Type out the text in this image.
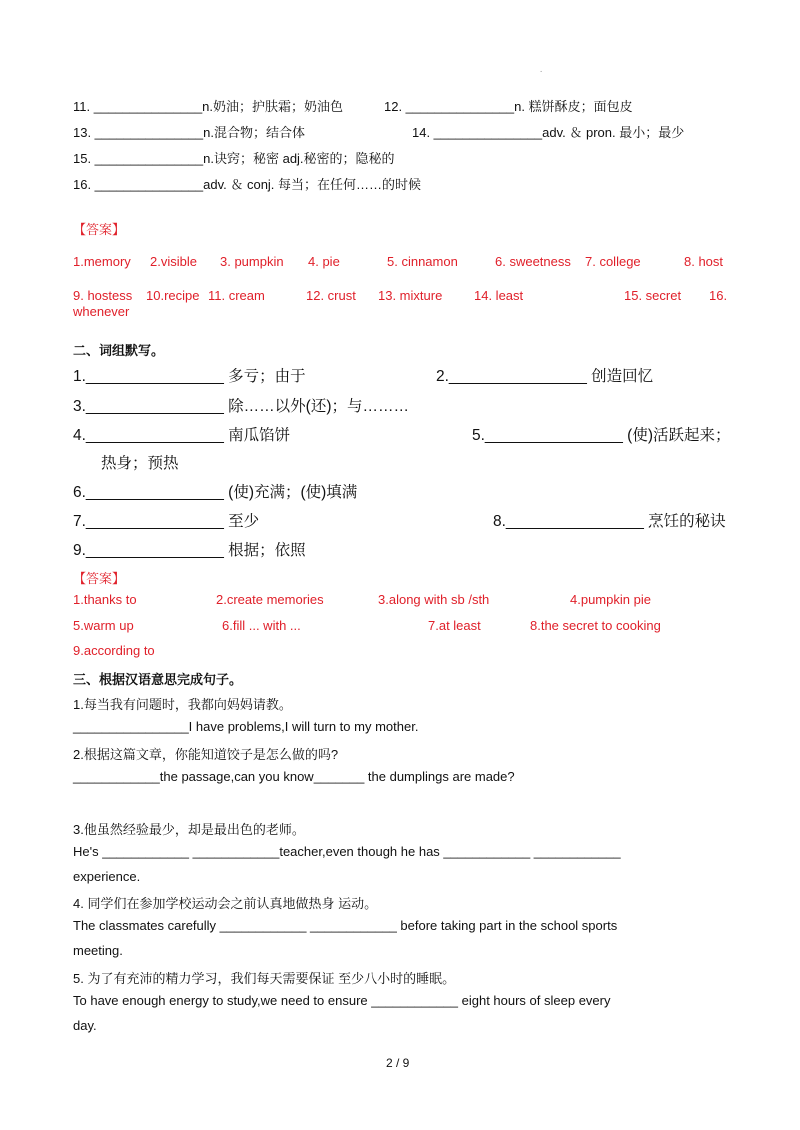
.
11. _______________n.奶油；护肤霜；奶油色	12. _______________n. 糕饼酥皮；面包皮
13. _______________n.混合物；结合体	14. _______________adv. ＆ pron. 最小；最少
15. _______________n.诀窍；秘密 adj.秘密的；隐秘的
16. _______________adv. ＆ conj. 每当；在任何……的时候
【答案】
1.memory 2.visible 3. pumpkin 4. pie	5. cinnamon	6. sweetness 7. college	8. host
9. hostess 10.recipe 11. cream	12. crust 13. mixture 14. least	15. secret 16.
whenever
二、词组默写。
1.________________ 多亏；由于	2.________________ 创造回忆
3.________________ 除……以外(还)；与………
4.________________ 南瓜馅饼	5.________________ (使)活跃起来；
热身；预热
6.________________ (使)充满；(使)填满
7.________________ 至少	8.________________ 烹饪的秘诀
9.________________ 根据；依照
【答案】
1.thanks to	2.create memories	3.along with sb /sth	4.pumpkin pie
5.warm up	6.fill ... with ...	7.at least	8.the secret to cooking
9.according to
三、根据汉语意思完成句子。
1.每当我有问题时，我都向妈妈请教。
________________I have problems,I will turn to my mother.
2.根据这篇文章，你能知道饺子是怎么做的吗?
____________the passage,can you know_______ the dumplings are made?
3.他虽然经验最少，却是最出色的老师。
He's ____________ ____________teacher,even though he has ____________ ____________
experience.
4. 同学们在参加学校运动会之前认真地做热身 运动。
The classmates carefully ____________ ____________ before taking part in the school sports
meeting.
5. 为了有充沛的精力学习，我们每天需要保证 至少八小时的睡眠。
To have enough energy to study,we need to ensure ____________ eight hours of sleep every
day.
2 / 9
